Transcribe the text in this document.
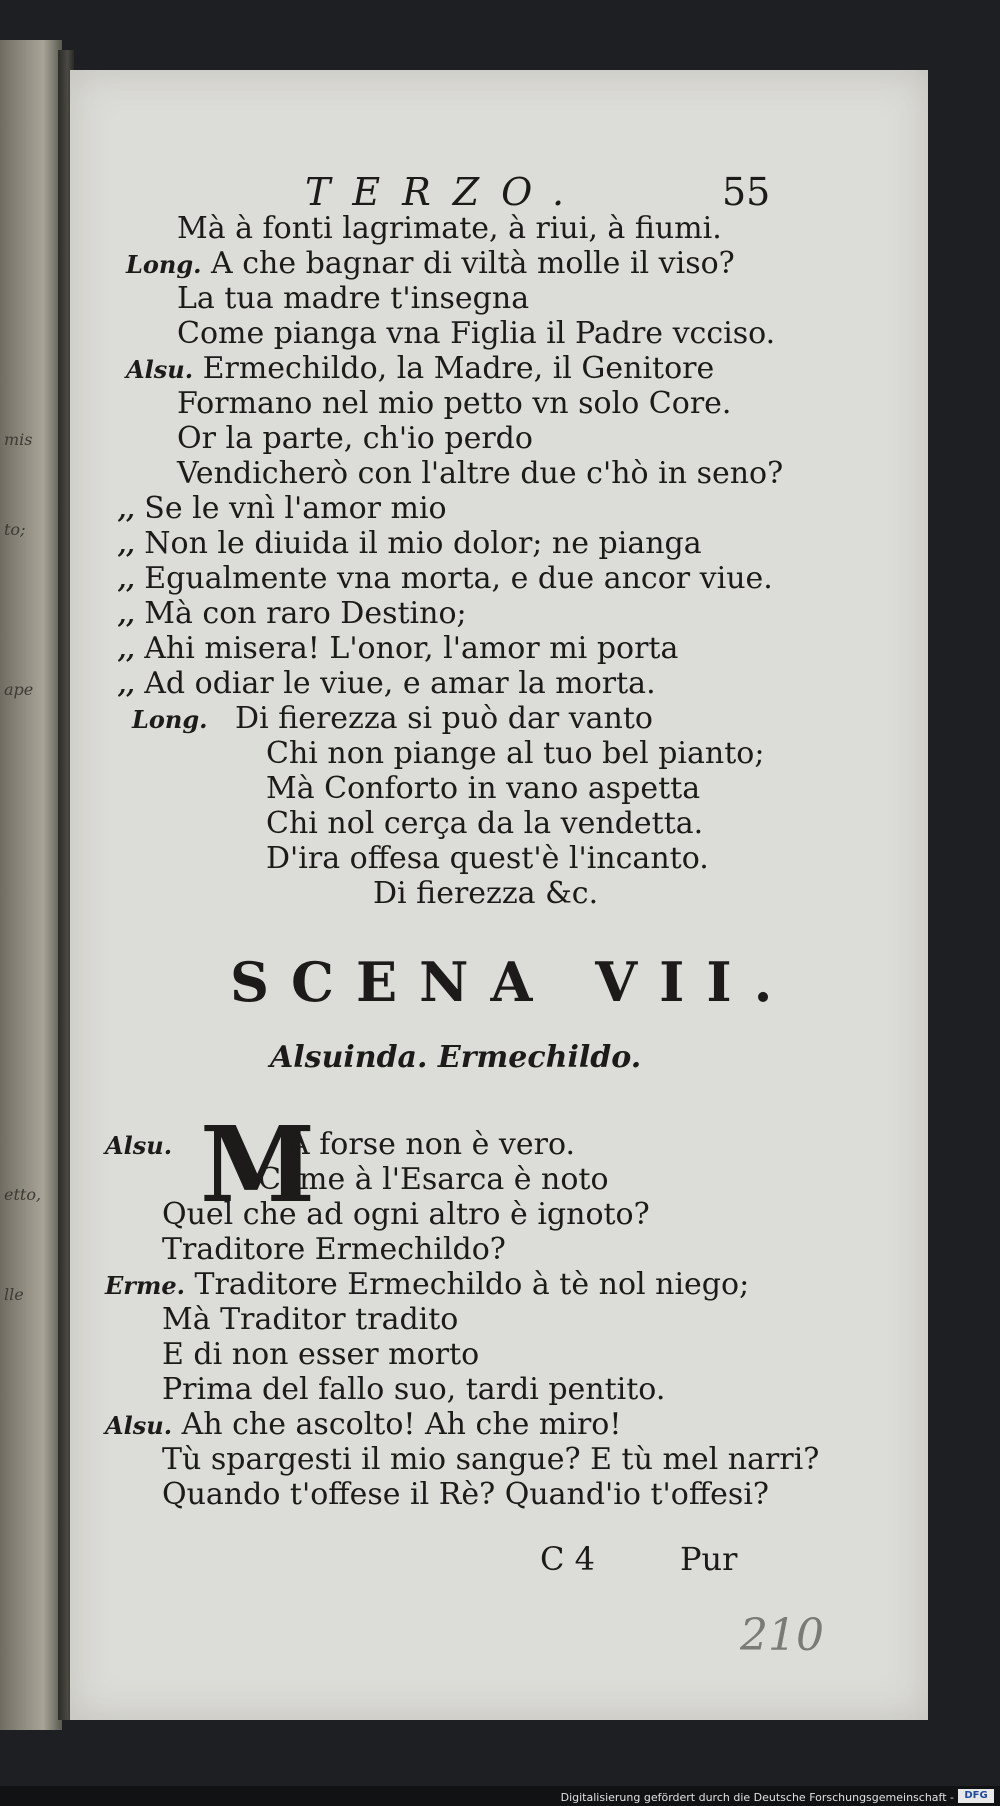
mis
to;
ape
etto,
lle
TERZO.	55
Mà à fonti lagrimate, à riui, à fiumi.
Long. A che bagnar di viltà molle il viso?
La tua madre t'insegna
Come pianga vna Figlia il Padre vcciso.
Alsu. Ermechildo, la Madre, il Genitore
Formano nel mio petto vn solo Core.
Or la parte, ch'io perdo
Vendicherò con l'altre due c'hò in seno?
,, Se le vnì l'amor mio
,, Non le diuida il mio dolor; ne pianga
,, Egualmente vna morta, e due ancor viue.
,, Mà con raro Destino;
,, Ahi misera! L'onor, l'amor mi porta
,, Ad odiar le viue, e amar la morta.
Long. Di fierezza si può dar vanto
Chi non piange al tuo bel pianto;
Mà Conforto in vano aspetta
Chi nol cerça da la vendetta.
D'ira offesa quest'è l'incanto.
Di fierezza &c.
SCENA VII.
Alsuinda. Ermechildo.
Alsu. M
A forse non è vero.
Come à l'Esarca è noto
Quel che ad ogni altro è ignoto?
Traditore Ermechildo?
Erme. Traditore Ermechildo à tè nol niego;
Mà Traditor tradito
E di non esser morto
Prima del fallo suo, tardi pentito.
Alsu. Ah che ascolto! Ah che miro!
Tù spargesti il mio sangue? E tù mel narri?
Quando t'offese il Rè? Quand'io t'offesi?
C 4	Pur
210
Digitalisierung gefördert durch die Deutsche Forschungsgemeinschaft -	DFG
